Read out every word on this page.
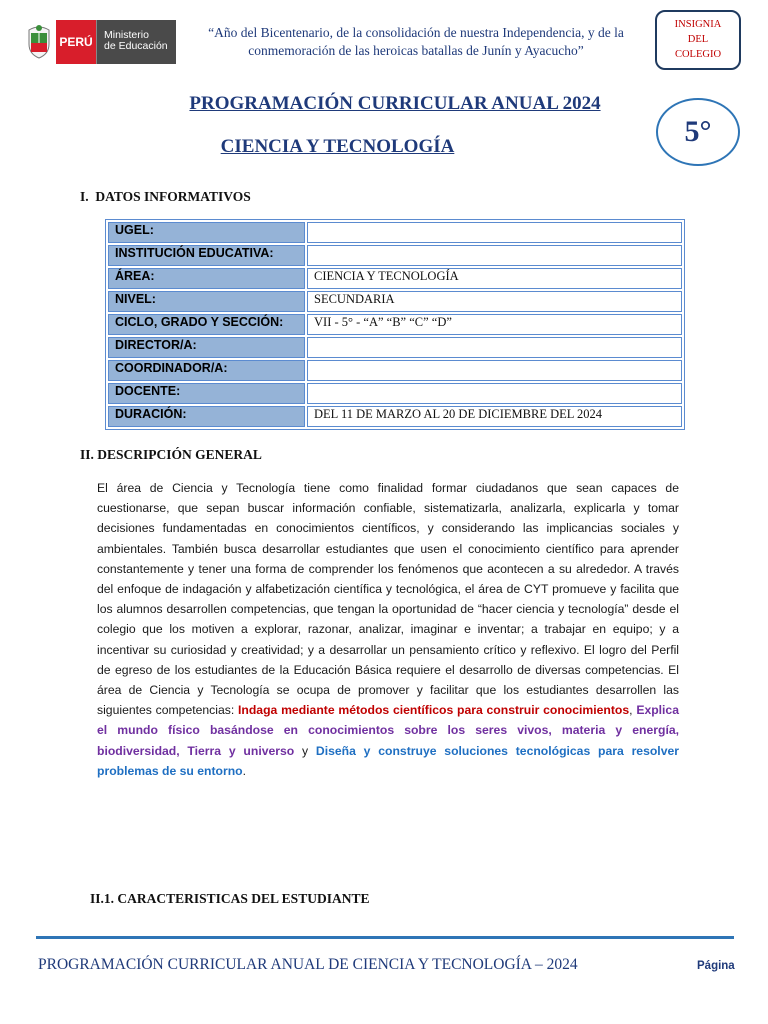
PERÚ	Ministerio
de Educación
“Año del Bicentenario, de la consolidación de nuestra Independencia, y de la
conmemoración de las heroicas batallas de Junín y Ayacucho”
INSIGNIA
DEL
COLEGIO
PROGRAMACIÓN CURRICULAR ANUAL 2024
CIENCIA Y TECNOLOGÍA	5°
I. DATOS INFORMATIVOS
UGEL:	
INSTITUCIÓN EDUCATIVA:	
ÁREA:	CIENCIA Y TECNOLOGÍA
NIVEL:	SECUNDARIA
CICLO, GRADO Y SECCIÓN:	VII - 5° - “A” “B” “C” “D”
DIRECTOR/A:	
COORDINADOR/A:	
DOCENTE:	
DURACIÓN:	DEL 11 DE MARZO AL 20 DE DICIEMBRE DEL 2024
II. DESCRIPCIÓN GENERAL
El área de Ciencia y Tecnología tiene como finalidad formar ciudadanos que sean capaces de cuestionarse, que sepan buscar información confiable, sistematizarla, analizarla, explicarla y tomar decisiones fundamentadas en conocimientos científicos, y considerando las implicancias sociales y ambientales. También busca desarrollar estudiantes que usen el conocimiento científico para aprender constantemente y tener una forma de comprender los fenómenos que acontecen a su alrededor. A través del enfoque de indagación y alfabetización científica y tecnológica, el área de CYT promueve y facilita que los alumnos desarrollen competencias, que tengan la oportunidad de “hacer ciencia y tecnología” desde el colegio que los motiven a explorar, razonar, analizar, imaginar e inventar; a trabajar en equipo; y a incentivar su curiosidad y creatividad; y a desarrollar un pensamiento crítico y reflexivo. El logro del Perfil de egreso de los estudiantes de la Educación Básica requiere el desarrollo de diversas competencias. El área de Ciencia y Tecnología se ocupa de promover y facilitar que los estudiantes desarrollen las siguientes competencias: Indaga mediante métodos científicos para construir conocimientos, Explica el mundo físico basándose en conocimientos sobre los seres vivos, materia y energía, biodiversidad, Tierra y universo y Diseña y construye soluciones tecnológicas para resolver problemas de su entorno.
II.1. CARACTERISTICAS DEL ESTUDIANTE
PROGRAMACIÓN CURRICULAR ANUAL DE CIENCIA Y TECNOLOGÍA – 2024	Página
